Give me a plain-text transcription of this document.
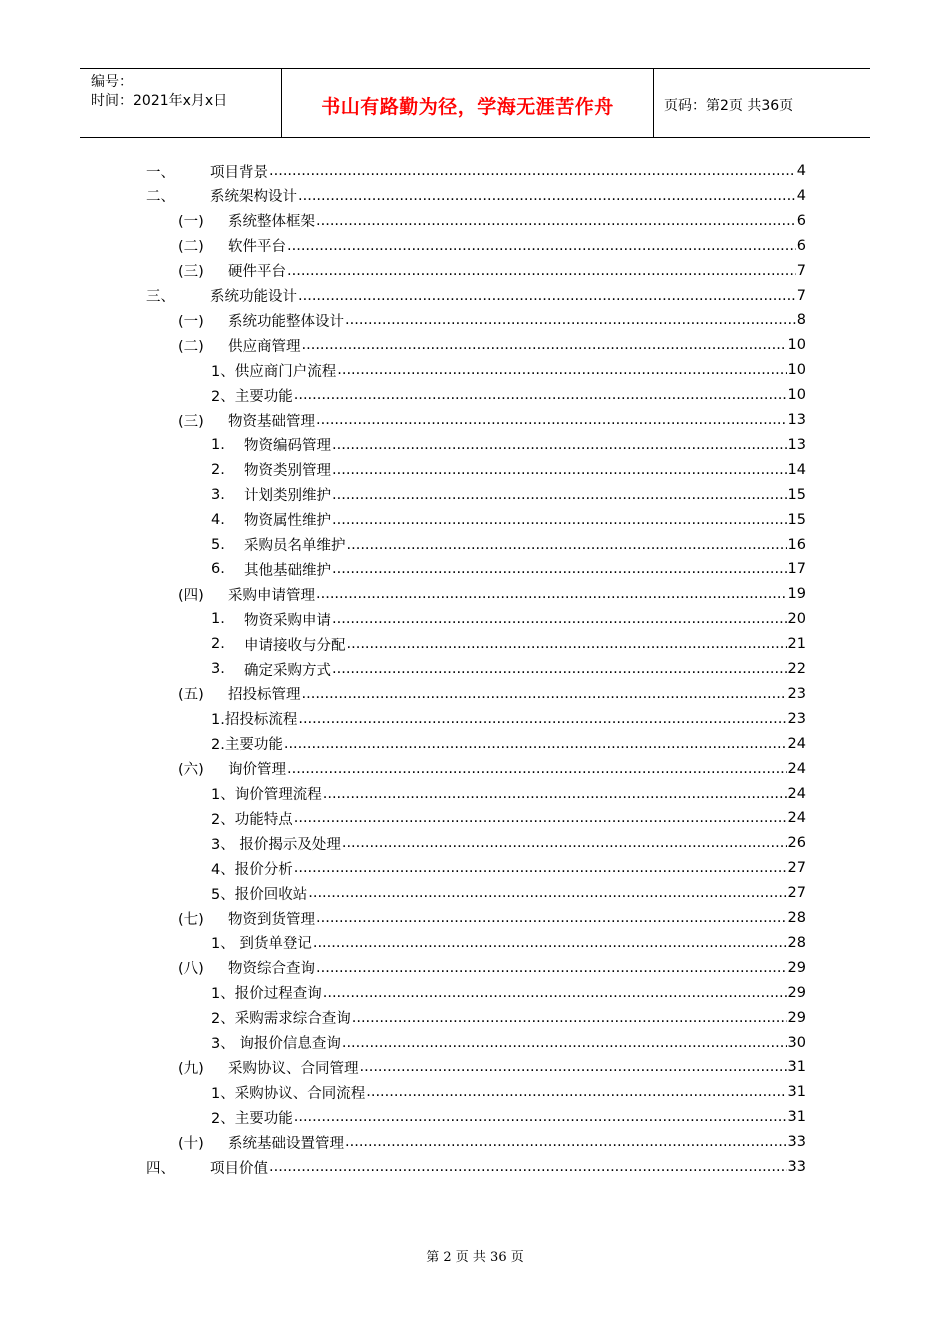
编号：
时间：2021年x月x日	书山有路勤为径，学海无涯苦作舟	页码：第2页 共36页
一、	项目背景 .....	4
二、	系统架构设计 .....	4
(一)	系统整体框架 .....	6
(二)	软件平台 .....	6
(三)	硬件平台 .....	7
三、	系统功能设计 .....	7
(一)	系统功能整体设计 .....	8
(二)	供应商管理 .....	10
1、供应商门户流程 .....	10
2、主要功能 .....	10
(三)	物资基础管理 .....	13
1.	物资编码管理 .....	13
2.	物资类别管理 .....	14
3.	计划类别维护 .....	15
4.	物资属性维护 .....	15
5.	采购员名单维护 .....	16
6.	其他基础维护 .....	17
(四)	采购申请管理 .....	19
1.	物资采购申请 .....	20
2.	申请接收与分配 .....	21
3.	确定采购方式 .....	22
(五)	招投标管理 .....	23
1.招投标流程 .....	23
2.主要功能 .....	24
(六)	询价管理 .....	24
1、询价管理流程 .....	24
2、功能特点 .....	24
3、 报价揭示及处理 .....	26
4、报价分析 .....	27
5、报价回收站 .....	27
(七)	物资到货管理 .....	28
1、 到货单登记 .....	28
(八)	物资综合查询 .....	29
1、报价过程查询 .....	29
2、采购需求综合查询 .....	29
3、 询报价信息查询 .....	30
(九)	采购协议、合同管理 .....	31
1、采购协议、合同流程 .....	31
2、主要功能 .....	31
(十)	系统基础设置管理 .....	33
四、	项目价值 .....	33
第 2 页 共 36 页
